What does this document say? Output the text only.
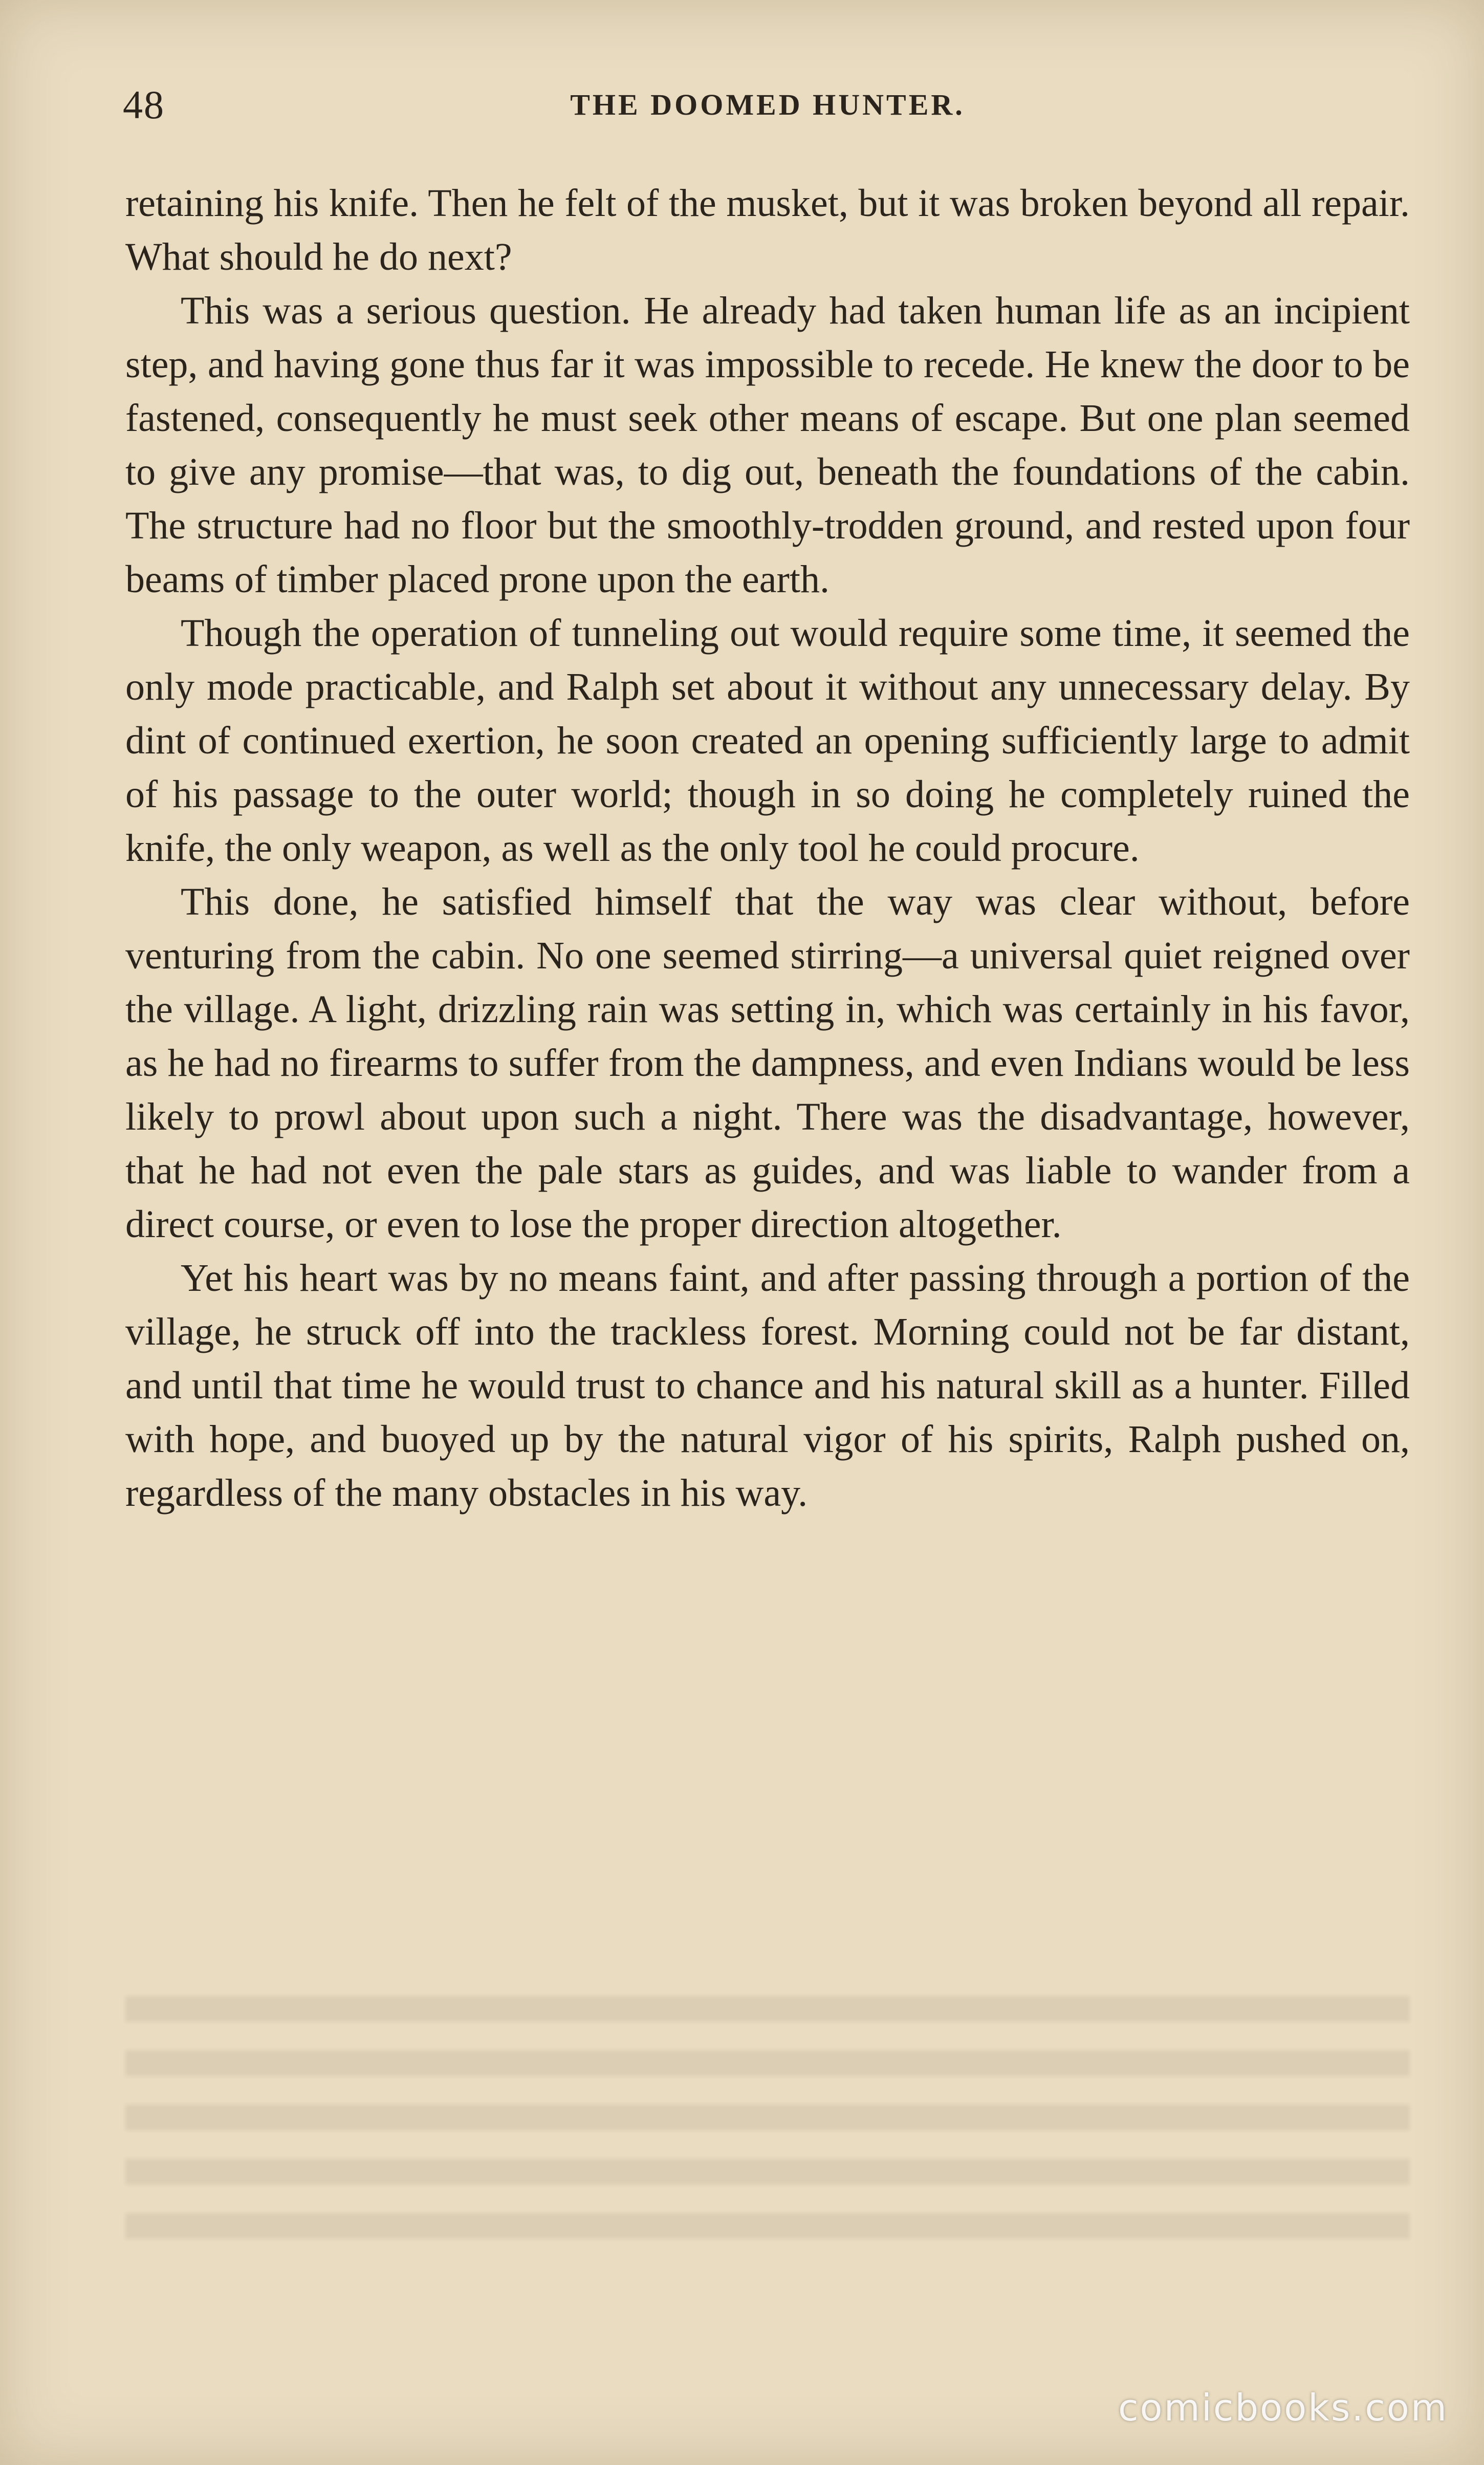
48	THE DOOMED HUNTER.

retaining his knife. Then he felt of the musket, but it was broken beyond all repair. What should he do next?

This was a serious question. He already had taken human life as an incipient step, and having gone thus far it was impossible to recede. He knew the door to be fastened, consequently he must seek other means of escape. But one plan seemed to give any promise—that was, to dig out, beneath the foundations of the cabin. The structure had no floor but the smoothly-trodden ground, and rested upon four beams of timber placed prone upon the earth.

Though the operation of tunneling out would require some time, it seemed the only mode practicable, and Ralph set about it without any unnecessary delay. By dint of continued exertion, he soon created an opening sufficiently large to admit of his passage to the outer world; though in so doing he completely ruined the knife, the only weapon, as well as the only tool he could procure.

This done, he satisfied himself that the way was clear without, before venturing from the cabin. No one seemed stirring—a universal quiet reigned over the village. A light, drizzling rain was setting in, which was certainly in his favor, as he had no firearms to suffer from the dampness, and even Indians would be less likely to prowl about upon such a night. There was the disadvantage, however, that he had not even the pale stars as guides, and was liable to wander from a direct course, or even to lose the proper direction altogether.

Yet his heart was by no means faint, and after passing through a portion of the village, he struck off into the trackless forest. Morning could not be far distant, and until that time he would trust to chance and his natural skill as a hunter. Filled with hope, and buoyed up by the natural vigor of his spirits, Ralph pushed on, regardless of the many obstacles in his way.

comicbooks.com
